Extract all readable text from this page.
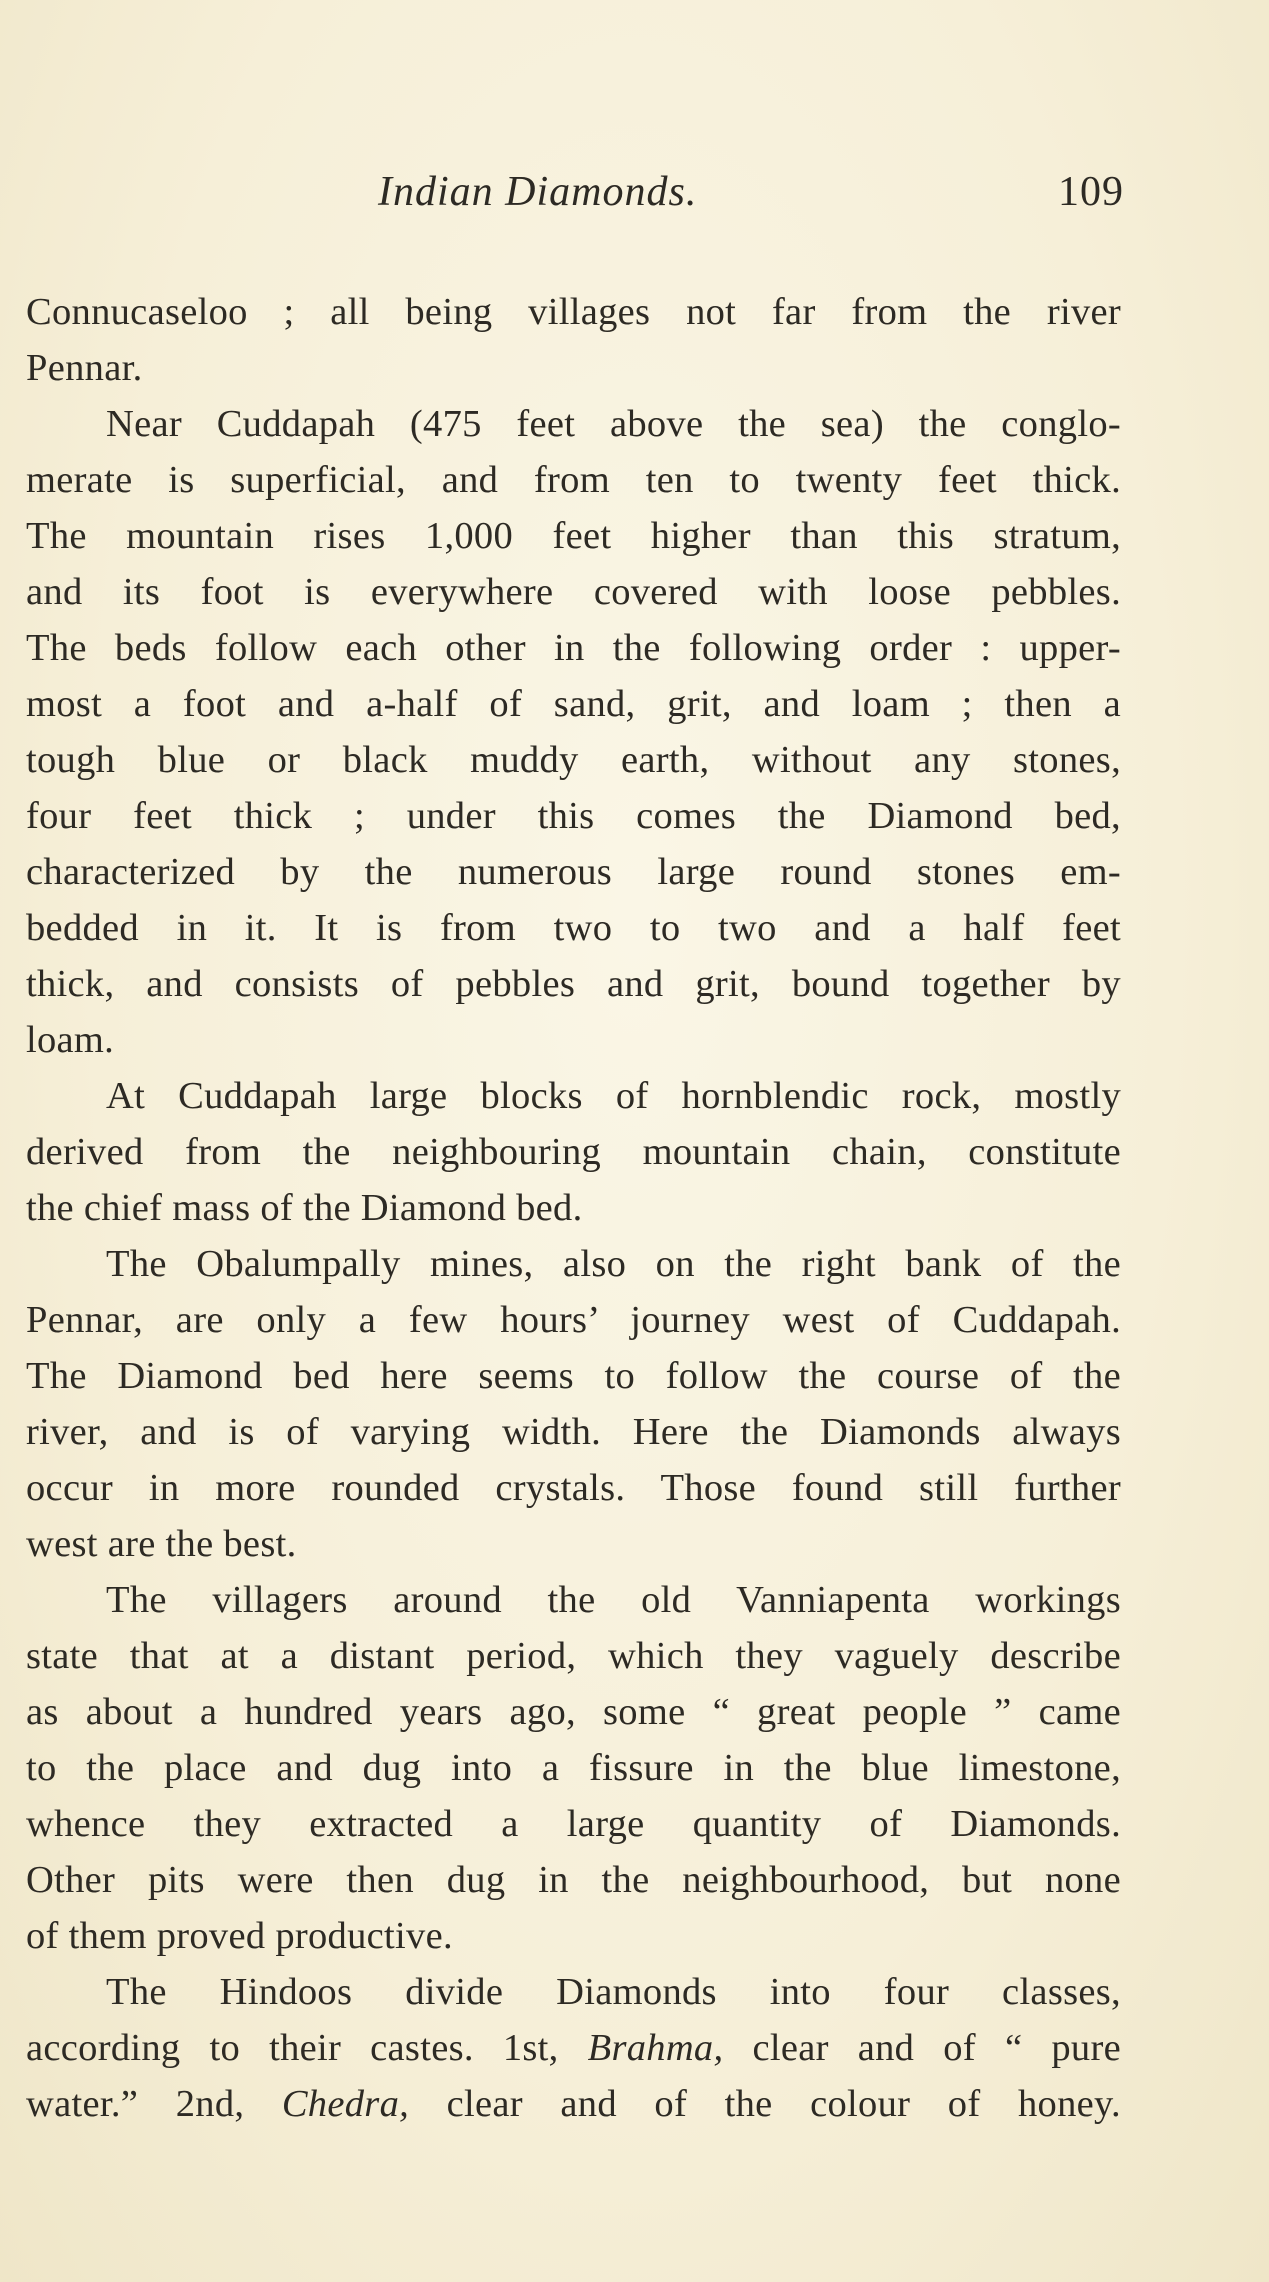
Indian Diamonds.	109
Connucaseloo ; all being villages not far from the river
Pennar.
Near Cuddapah (475 feet above the sea) the conglo-
merate is superficial, and from ten to twenty feet thick.
The mountain rises 1,000 feet higher than this stratum,
and its foot is everywhere covered with loose pebbles.
The beds follow each other in the following order : upper-
most a foot and a-half of sand, grit, and loam ; then a
tough blue or black muddy earth, without any stones,
four feet thick ; under this comes the Diamond bed,
characterized by the numerous large round stones em-
bedded in it. It is from two to two and a half feet
thick, and consists of pebbles and grit, bound together by
loam.
At Cuddapah large blocks of hornblendic rock, mostly
derived from the neighbouring mountain chain, constitute
the chief mass of the Diamond bed.
The Obalumpally mines, also on the right bank of the
Pennar, are only a few hours’ journey west of Cuddapah.
The Diamond bed here seems to follow the course of the
river, and is of varying width. Here the Diamonds always
occur in more rounded crystals. Those found still further
west are the best.
The villagers around the old Vanniapenta workings
state that at a distant period, which they vaguely describe
as about a hundred years ago, some “ great people ” came
to the place and dug into a fissure in the blue limestone,
whence they extracted a large quantity of Diamonds.
Other pits were then dug in the neighbourhood, but none
of them proved productive.
The Hindoos divide Diamonds into four classes,
according to their castes. 1st, Brahma, clear and of “ pure
water.” 2nd, Chedra, clear and of the colour of honey.
